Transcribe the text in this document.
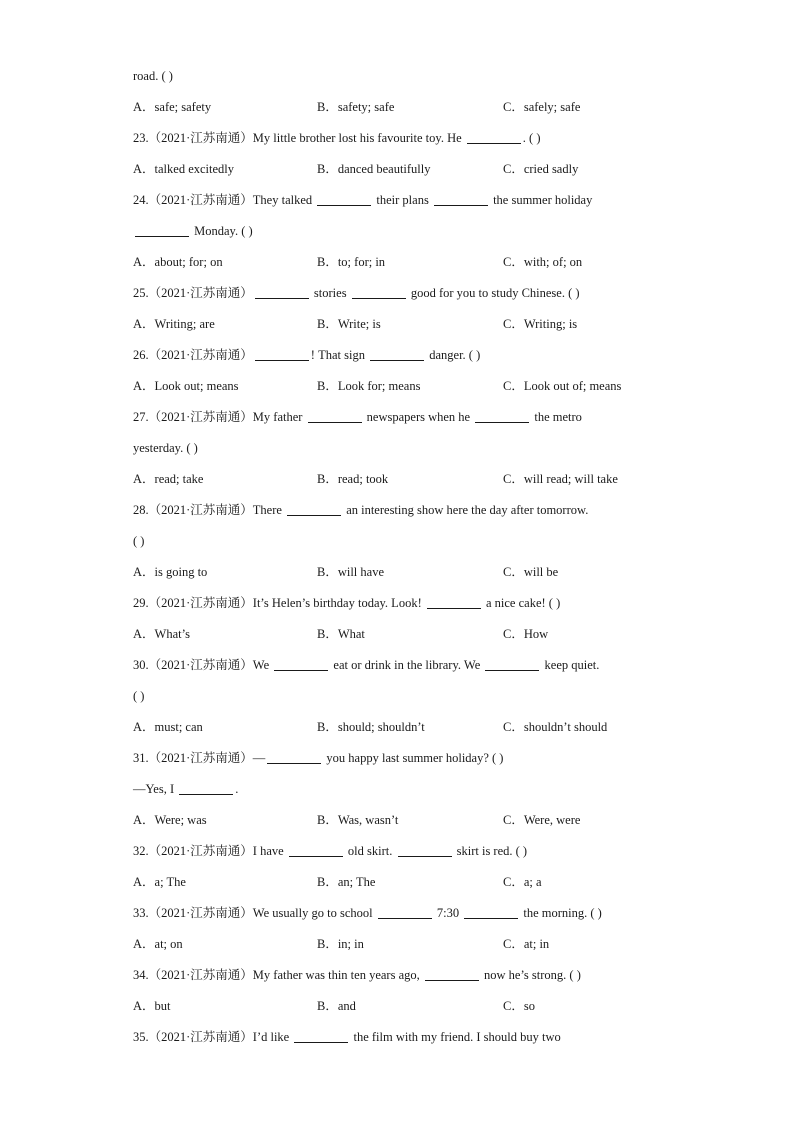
road. ( )
A．safe; safety	B．safety; safe	C．safely; safe
23.（2021·江苏南通）My little brother lost his favourite toy. He	. ( )
A．talked excitedly	B．danced beautifully	C．cried sadly
24.（2021·江苏南通）They talked	their plans	the summer holiday
Monday. ( )
A．about; for; on	B．to; for; in	C．with; of; on
25.（2021·江苏南通）	stories	good for you to study Chinese. ( )
A．Writing; are	B．Write; is	C．Writing; is
26.（2021·江苏南通）	! That sign	danger. ( )
A．Look out; means	B．Look for; means	C．Look out of; means
27.（2021·江苏南通）My father	newspapers when he	the metro
yesterday. ( )
A．read; take	B．read; took	C．will read; will take
28.（2021·江苏南通）There	an interesting show here the day after tomorrow.
( )
A．is going to	B．will have	C．will be
29.（2021·江苏南通）It’s Helen’s birthday today. Look!	a nice cake! ( )
A．What’s	B．What	C．How
30.（2021·江苏南通）We	eat or drink in the library. We	keep quiet.
( )
A．must; can	B．should; shouldn’t	C．shouldn’t should
31.（2021·江苏南通）—	you happy last summer holiday? ( )
—Yes, I	.
A．Were; was	B．Was, wasn’t	C．Were, were
32.（2021·江苏南通）I have	old skirt.	skirt is red. ( )
A．a; The	B．an; The	C．a; a
33.（2021·江苏南通）We usually go to school	7:30	the morning. ( )
A．at; on	B．in; in	C．at; in
34.（2021·江苏南通）My father was thin ten years ago,	now he’s strong. ( )
A．but	B．and	C．so
35.（2021·江苏南通）I’d like	the film with my friend. I should buy two
